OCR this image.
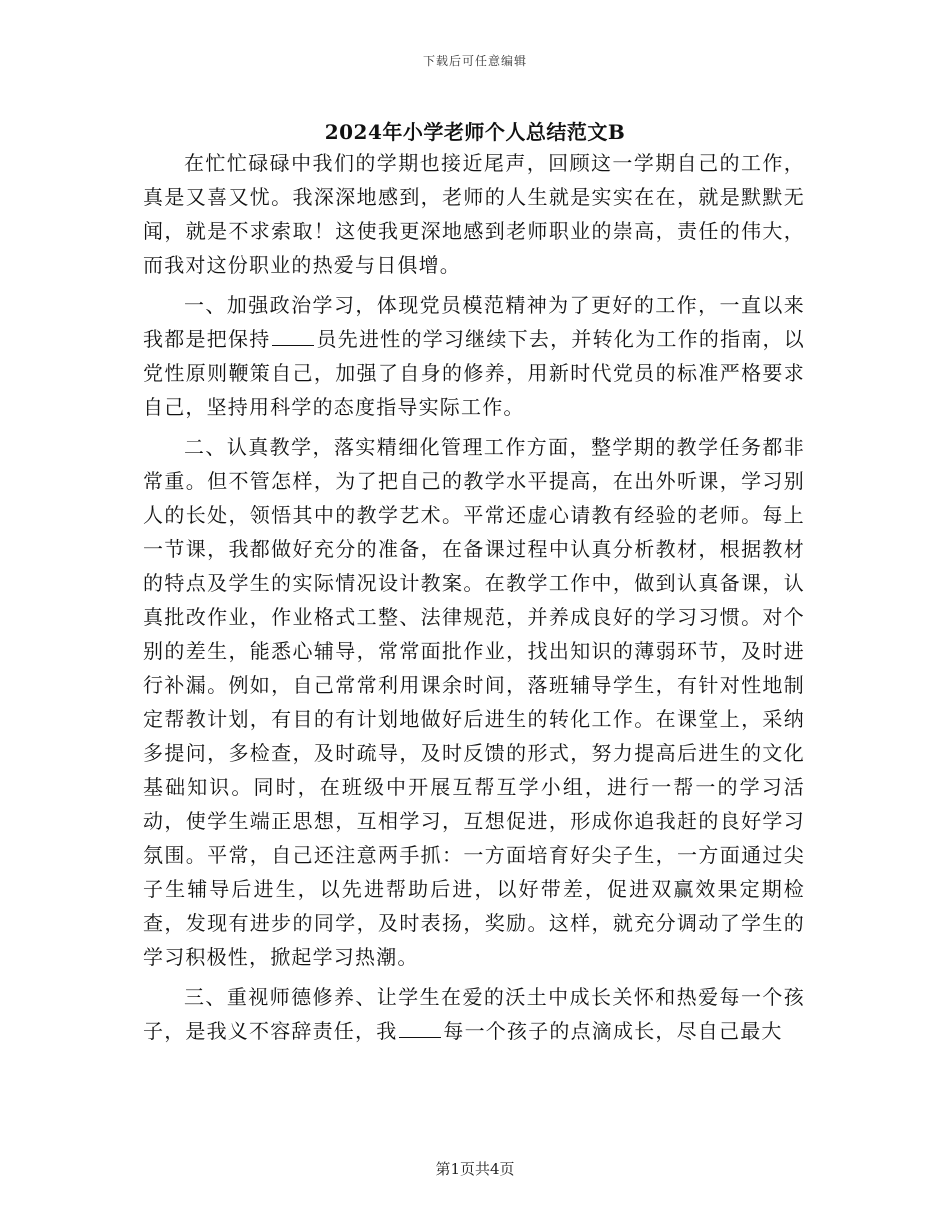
下载后可任意编辑
2024年小学老师个人总结范文B

在忙忙碌碌中我们的学期也接近尾声，回顾这一学期自己的工作，真是又喜又忧。我深深地感到，老师的人生就是实实在在，就是默默无闻，就是不求索取！这使我更深地感到老师职业的崇高，责任的伟大，而我对这份职业的热爱与日俱增。

一、加强政治学习，体现党员模范精神为了更好的工作，一直以来我都是把保持 员先进性的学习继续下去，并转化为工作的指南，以党性原则鞭策自己，加强了自身的修养，用新时代党员的标准严格要求自己，坚持用科学的态度指导实际工作。

二、认真教学，落实精细化管理工作方面，整学期的教学任务都非常重。但不管怎样，为了把自己的教学水平提高，在出外听课，学习别人的长处，领悟其中的教学艺术。平常还虚心请教有经验的老师。每上一节课，我都做好充分的准备，在备课过程中认真分析教材，根据教材的特点及学生的实际情况设计教案。在教学工作中，做到认真备课，认真批改作业，作业格式工整、法律规范，并养成良好的学习习惯。对个别的差生，能悉心辅导，常常面批作业，找出知识的薄弱环节，及时进行补漏。例如，自己常常利用课余时间，落班辅导学生，有针对性地制定帮教计划，有目的有计划地做好后进生的转化工作。在课堂上，采纳多提问，多检查，及时疏导，及时反馈的形式，努力提高后进生的文化基础知识。同时，在班级中开展互帮互学小组，进行一帮一的学习活动，使学生端正思想，互相学习，互想促进，形成你追我赶的良好学习氛围。平常，自己还注意两手抓：一方面培育好尖子生，一方面通过尖子生辅导后进生，以先进帮助后进，以好带差，促进双赢效果定期检查，发现有进步的同学，及时表扬，奖励。这样，就充分调动了学生的学习积极性，掀起学习热潮。

三、重视师德修养、让学生在爱的沃土中成长关怀和热爱每一个孩子，是我义不容辞责任，我 每一个孩子的点滴成长，尽自己最大

第1页共4页
